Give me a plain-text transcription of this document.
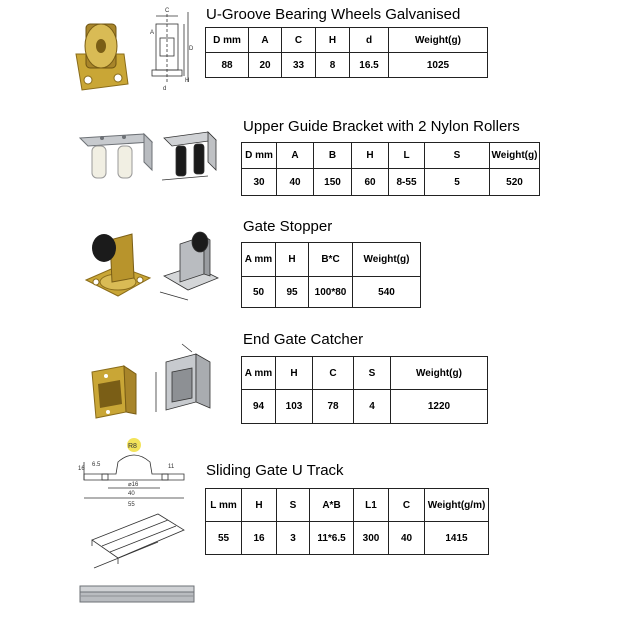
C
A
H
d
D
U-Groove Bearing Wheels Galvanised
D mm	A	C	H	d	Weight(g)
88	20	33	8	16.5	1025
Upper Guide Bracket with 2 Nylon Rollers
D mm	A	B	H	L	S	Weight(g)
30	40	150	60	8-55	5	520
Gate Stopper
A mm	H	B*C	Weight(g)
50	95	100*80	540
End Gate Catcher
A mm	H	C	S	Weight(g)
94	103	78	4	1220
R8
16
6.5	11
⌀16
40
55
Sliding Gate U Track
L mm	H	S	A*B	L1	C	Weight(g/m)
55	16	3	11*6.5	300	40	1415
